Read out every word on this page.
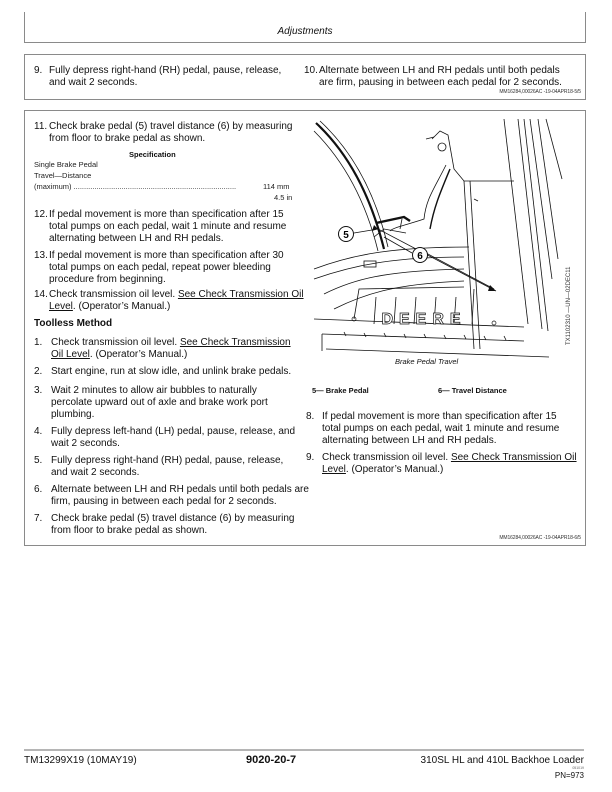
Adjustments
9. Fully depress right-hand (RH) pedal, pause, release, and wait 2 seconds.
10. Alternate between LH and RH pedals until both pedals are firm, pausing in between each pedal for 2 seconds.
MM16284,00026AC -19-04APR18-5/5
11. Check brake pedal (5) travel distance (6) by measuring from floor to brake pedal as shown.
Specification
Single Brake Pedal
Travel—Distance
(maximum) ..............................................................................	114 mm
4.5 in
12. If pedal movement is more than specification after 15 total pumps on each pedal, wait 1 minute and resume alternating between LH and RH pedals.
13. If pedal movement is more than specification after 30 total pumps on each pedal, repeat power bleeding procedure from beginning.
14. Check transmission oil level. See Check Transmission Oil Level. (Operator’s Manual.)
Toolless Method
1. Check transmission oil level. See Check Transmission Oil Level. (Operator’s Manual.)
2. Start engine, run at slow idle, and unlink brake pedals.
3. Wait 2 minutes to allow air bubbles to naturally percolate upward out of axle and brake work port plumbing.
4. Fully depress left-hand (LH) pedal, pause, release, and wait 2 seconds.
5. Fully depress right-hand (RH) pedal, pause, release, and wait 2 seconds.
6. Alternate between LH and RH pedals until both pedals are firm, pausing in between each pedal for 2 seconds.
7. Check brake pedal (5) travel distance (6) by measuring from floor to brake pedal as shown.
5
6
DEERE
Brake Pedal Travel
TX1102310 —UN—02DEC11
5— Brake Pedal	6— Travel Distance
8. If pedal movement is more than specification after 15 total pumps on each pedal, wait 1 minute and resume alternating between LH and RH pedals.
9. Check transmission oil level. See Check Transmission Oil Level. (Operator’s Manual.)
MM16284,00026AC -19-04APR18-6/5
TM13299X19 (10MAY19)	9020-20-7	310SL HL and 410L Backhoe Loader
051019
PN=973
